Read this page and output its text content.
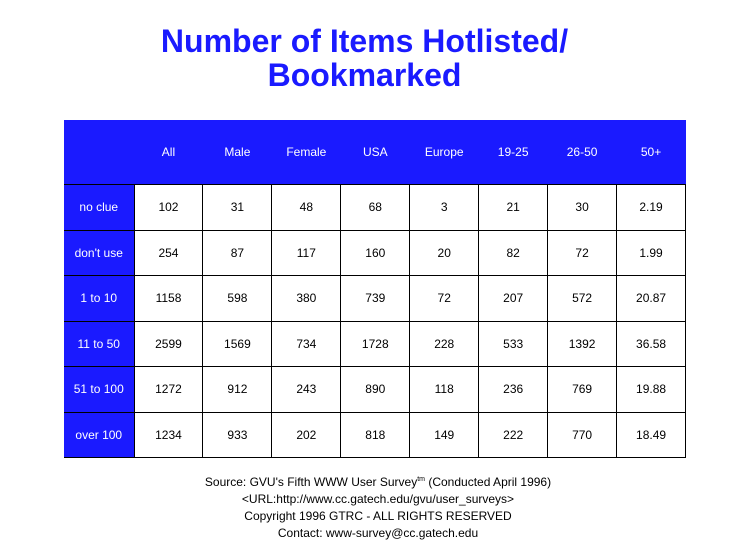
Number of Items Hotlisted/
Bookmarked
	All	Male	Female	USA	Europe	19-25	26-50	50+
no clue	102	31	48	68	3	21	30	2.19
don't use	254	87	117	160	20	82	72	1.99
1 to 10	1158	598	380	739	72	207	572	20.87
11 to 50	2599	1569	734	1728	228	533	1392	36.58
51 to 100	1272	912	243	890	118	236	769	19.88
over 100	1234	933	202	818	149	222	770	18.49
Source: GVU's Fifth WWW User Survey$^{tm}$ (Conducted April 1996)
<URL:http://www.cc.gatech.edu/gvu/user_surveys>
Copyright 1996 GTRC - ALL RIGHTS RESERVED
Contact: www-survey@cc.gatech.edu
